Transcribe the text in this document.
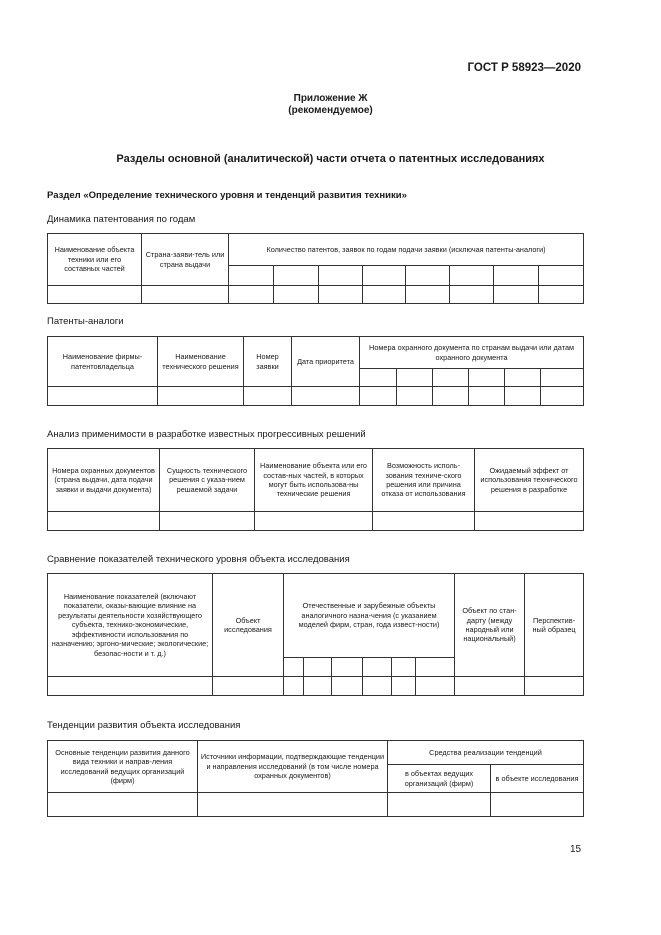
ГОСТ Р 58923—2020
Приложение Ж
(рекомендуемое)
Разделы основной (аналитической) части отчета о патентных исследованиях
Раздел «Определение технического уровня и тенденций развития техники»
Динамика патентования по годам
Наименование объекта техники или его составных частей	Страна-заяви-тель или страна выдачи	Количество патентов, заявок по годам подачи заявки (исключая патенты-аналоги)							

Патенты-аналоги
Наименование фирмы-патентовладельца	Наименование технического решения	Номер заявки	Дата приоритета	Номера охранного документа по странам выдачи или датам охранного документа					

Анализ применимости в разработке известных прогрессивных решений
Номера охранных документов (страна выдачи, дата подачи заявки и выдачи документа)	Сущность технического решения с указа-нием решаемой задачи	Наименование объекта или его состав-ных частей, в которых могут быть использова-ны технические решения	Возможность исполь-зования техниче-ского решения или причина отказа от использования	Ожидаемый эффект от использования технического решения в разработке

Сравнение показателей технического уровня объекта исследования
Наименование показателей (включают показатели, оказы-вающие влияние на результаты деятельности хозяйствующего субъекта, технико-экономические, эффективности использования по назначению; эргоно-мические; экологические; безопас-ности и т. д.)	Объект исследования	Отечественные и зарубежные объекты аналогичного назна-чения (с указанием моделей фирм, стран, года извест-ности)						Объект по стан-дарту (между народный или национальный)	Перспектив-ный образец

Тенденции развития объекта исследования
Основные тенденции развития данного вида техники и направ-ления исследований ведущих организаций (фирм)	Источники информации, подтверждающие тенденции и направления исследований (в том числе номера охранных документов)	Средства реализации тенденций	
		в объектах ведущих организаций (фирм)	в объекте исследования

15
